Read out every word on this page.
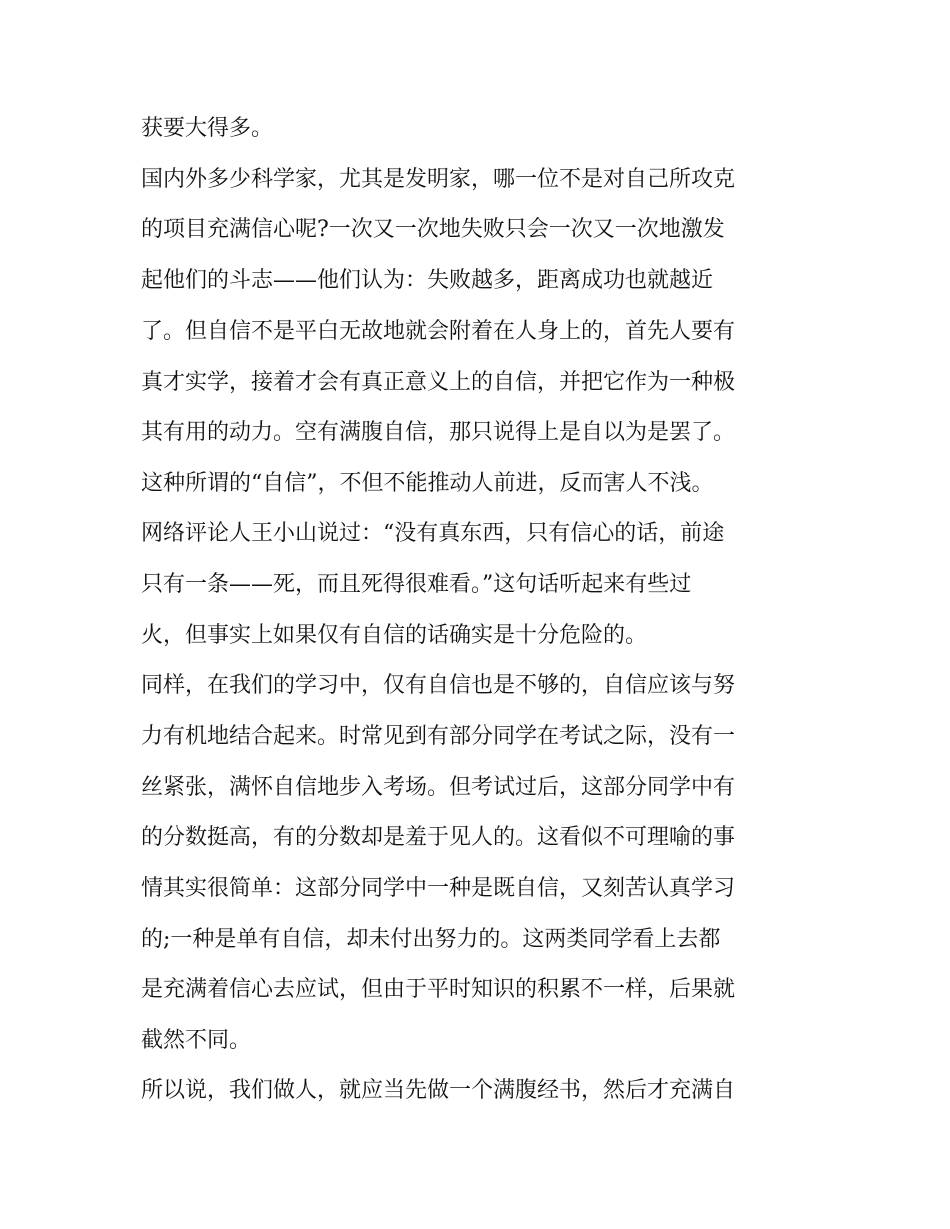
获要大得多。

国内外多少科学家，尤其是发明家，哪一位不是对自己所攻克

的项目充满信心呢?一次又一次地失败只会一次又一次地激发

起他们的斗志——他们认为：失败越多，距离成功也就越近

了。但自信不是平白无故地就会附着在人身上的，首先人要有

真才实学，接着才会有真正意义上的自信，并把它作为一种极

其有用的动力。空有满腹自信，那只说得上是自以为是罢了。

这种所谓的“自信”，不但不能推动人前进，反而害人不浅。

网络评论人王小山说过：“没有真东西，只有信心的话，前途

只有一条——死，而且死得很难看。”这句话听起来有些过

火，但事实上如果仅有自信的话确实是十分危险的。

同样，在我们的学习中，仅有自信也是不够的，自信应该与努

力有机地结合起来。时常见到有部分同学在考试之际，没有一

丝紧张，满怀自信地步入考场。但考试过后，这部分同学中有

的分数挺高，有的分数却是羞于见人的。这看似不可理喻的事

情其实很简单：这部分同学中一种是既自信，又刻苦认真学习

的;一种是单有自信，却未付出努力的。这两类同学看上去都

是充满着信心去应试，但由于平时知识的积累不一样，后果就

截然不同。

所以说，我们做人，就应当先做一个满腹经书，然后才充满自
